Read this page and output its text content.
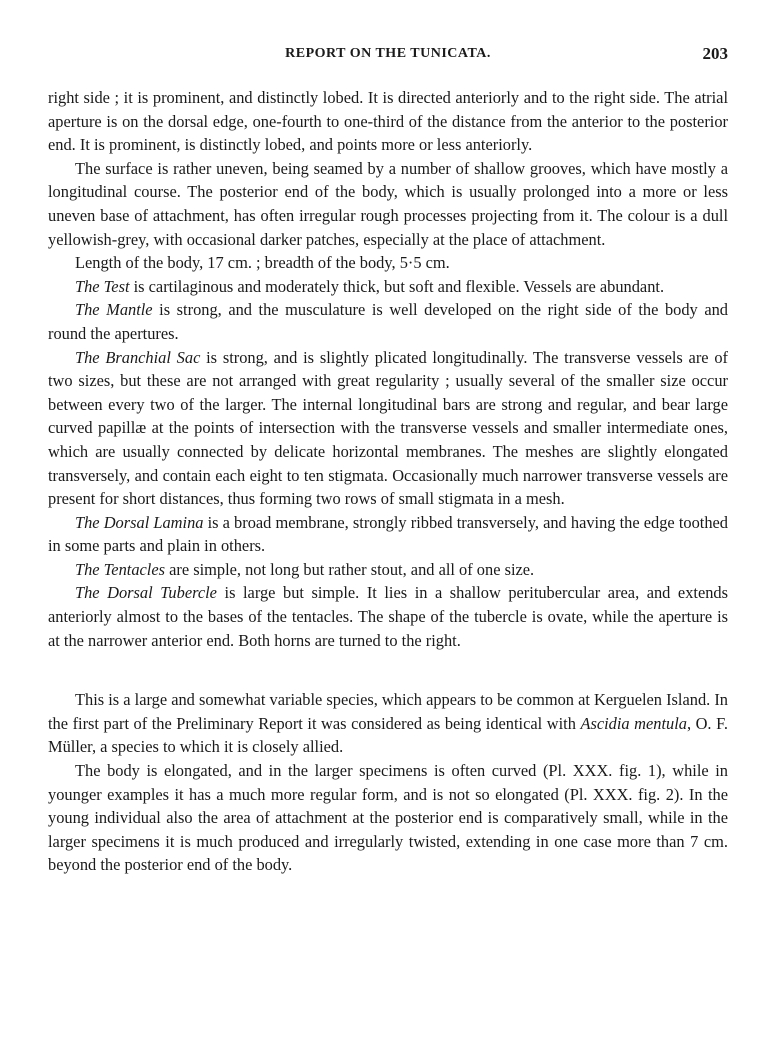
REPORT ON THE TUNICATA.	203

right side ; it is prominent, and distinctly lobed. It is directed anteriorly and to the right side. The atrial aperture is on the dorsal edge, one-fourth to one-third of the distance from the anterior to the posterior end. It is prominent, is distinctly lobed, and points more or less anteriorly.

The surface is rather uneven, being seamed by a number of shallow grooves, which have mostly a longitudinal course. The posterior end of the body, which is usually prolonged into a more or less uneven base of attachment, has often irregular rough processes projecting from it. The colour is a dull yellowish-grey, with occasional darker patches, especially at the place of attachment.

Length of the body, 17 cm. ; breadth of the body, 5·5 cm.

The Test is cartilaginous and moderately thick, but soft and flexible. Vessels are abundant.

The Mantle is strong, and the musculature is well developed on the right side of the body and round the apertures.

The Branchial Sac is strong, and is slightly plicated longitudinally. The transverse vessels are of two sizes, but these are not arranged with great regularity ; usually several of the smaller size occur between every two of the larger. The internal longitudinal bars are strong and regular, and bear large curved papillæ at the points of intersection with the transverse vessels and smaller intermediate ones, which are usually connected by delicate horizontal membranes. The meshes are slightly elongated transversely, and contain each eight to ten stigmata. Occasionally much narrower transverse vessels are present for short distances, thus forming two rows of small stigmata in a mesh.

The Dorsal Lamina is a broad membrane, strongly ribbed transversely, and having the edge toothed in some parts and plain in others.

The Tentacles are simple, not long but rather stout, and all of one size.

The Dorsal Tubercle is large but simple. It lies in a shallow peritubercular area, and extends anteriorly almost to the bases of the tentacles. The shape of the tubercle is ovate, while the aperture is at the narrower anterior end. Both horns are turned to the right.

This is a large and somewhat variable species, which appears to be common at Kerguelen Island. In the first part of the Preliminary Report it was considered as being identical with Ascidia mentula, O. F. Müller, a species to which it is closely allied.

The body is elongated, and in the larger specimens is often curved (Pl. XXX. fig. 1), while in younger examples it has a much more regular form, and is not so elongated (Pl. XXX. fig. 2). In the young individual also the area of attachment at the posterior end is comparatively small, while in the larger specimens it is much produced and irregularly twisted, extending in one case more than 7 cm. beyond the posterior end of the body.
